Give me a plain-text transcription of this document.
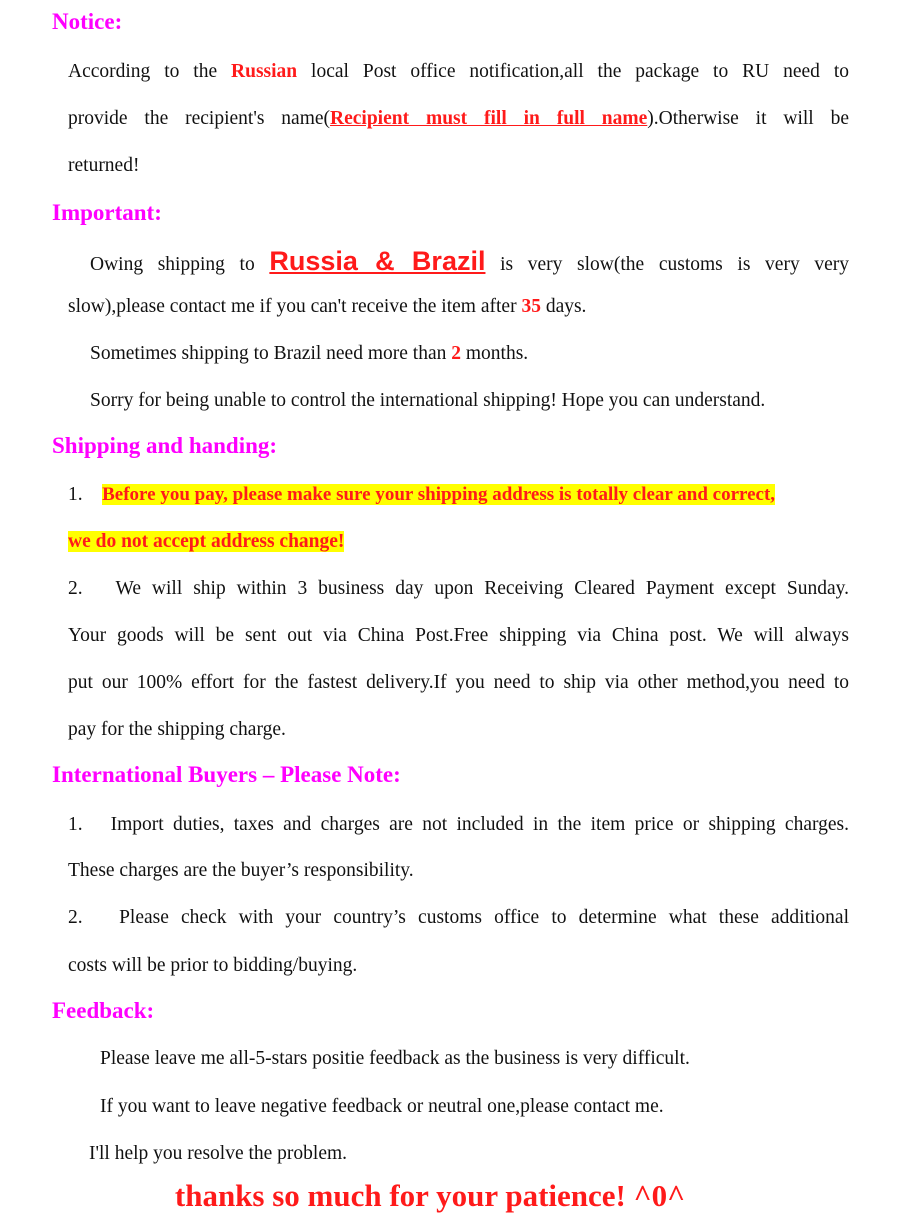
Notice:

According to the Russian local Post office notification,all the package to RU need to

provide the recipient's name(Recipient must fill in full name).Otherwise it will be

returned!

Important:

Owing shipping to Russia & Brazil is very slow(the customs is very very

slow),please contact me if you can't receive the item after 35 days.

Sometimes shipping to Brazil need more than 2 months.

Sorry for being unable to control the international shipping! Hope you can understand.

Shipping and handing:

1. Before you pay, please make sure your shipping address is totally clear and correct,

we do not accept address change!

2. We will ship within 3 business day upon Receiving Cleared Payment except Sunday.

Your goods will be sent out via China Post.Free shipping via China post. We will always

put our 100% effort for the fastest delivery.If you need to ship via other method,you need to

pay for the shipping charge.

International Buyers – Please Note:

1. Import duties, taxes and charges are not included in the item price or shipping charges.

These charges are the buyer’s responsibility.

2. Please check with your country’s customs office to determine what these additional

costs will be prior to bidding/buying.

Feedback:

Please leave me all-5-stars positie feedback as the business is very difficult.

If you want to leave negative feedback or neutral one,please contact me.

I'll help you resolve the problem.

thanks so much for your patience! ^0^
